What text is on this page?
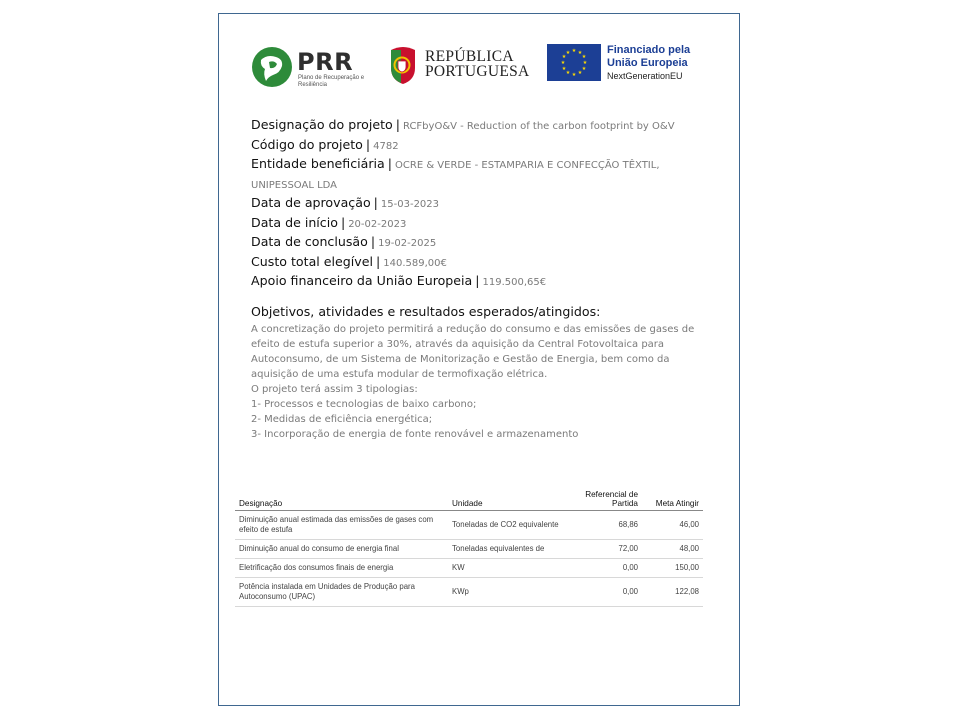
PRR
Plano de Recuperação e Resiliência
REPÚBLICA
PORTUGUESA
★ ★
★
★
★
★
★
★
★
★
★
★	Financiado pela
União Europeia
NextGenerationEU
Designação do projeto | RCFbyO&V - Reduction of the carbon footprint by O&V
Código do projeto | 4782
Entidade beneficiária | OCRE & VERDE - ESTAMPARIA E CONFECÇÃO TÊXTIL, UNIPESSOAL LDA
Data de aprovação | 15-03-2023
Data de início | 20-02-2023
Data de conclusão | 19-02-2025
Custo total elegível | 140.589,00€
Apoio financeiro da União Europeia | 119.500,65€
Objetivos, atividades e resultados esperados/atingidos:

A concretização do projeto permitirá a redução do consumo e das emissões de gases de efeito de estufa superior a 30%, através da aquisição da Central Fotovoltaica para Autoconsumo, de um Sistema de Monitorização e Gestão de Energia, bem como da aquisição de uma estufa modular de termofixação elétrica.

O projeto terá assim 3 tipologias:

1- Processos e tecnologias de baixo carbono;

2- Medidas de eficiência energética;

3- Incorporação de energia de fonte renovável e armazenamento

Designação	Unidade	Referencial de Partida	Meta Atingir
Diminuição anual estimada das emissões de gases com efeito de estufa	Toneladas de CO2 equivalente	68,86	46,00
Diminuição anual do consumo de energia final	Toneladas equivalentes de	72,00	48,00
Eletrificação dos consumos finais de energia	KW	0,00	150,00
Potência instalada em Unidades de Produção para Autoconsumo (UPAC)	KWp	0,00	122,08
